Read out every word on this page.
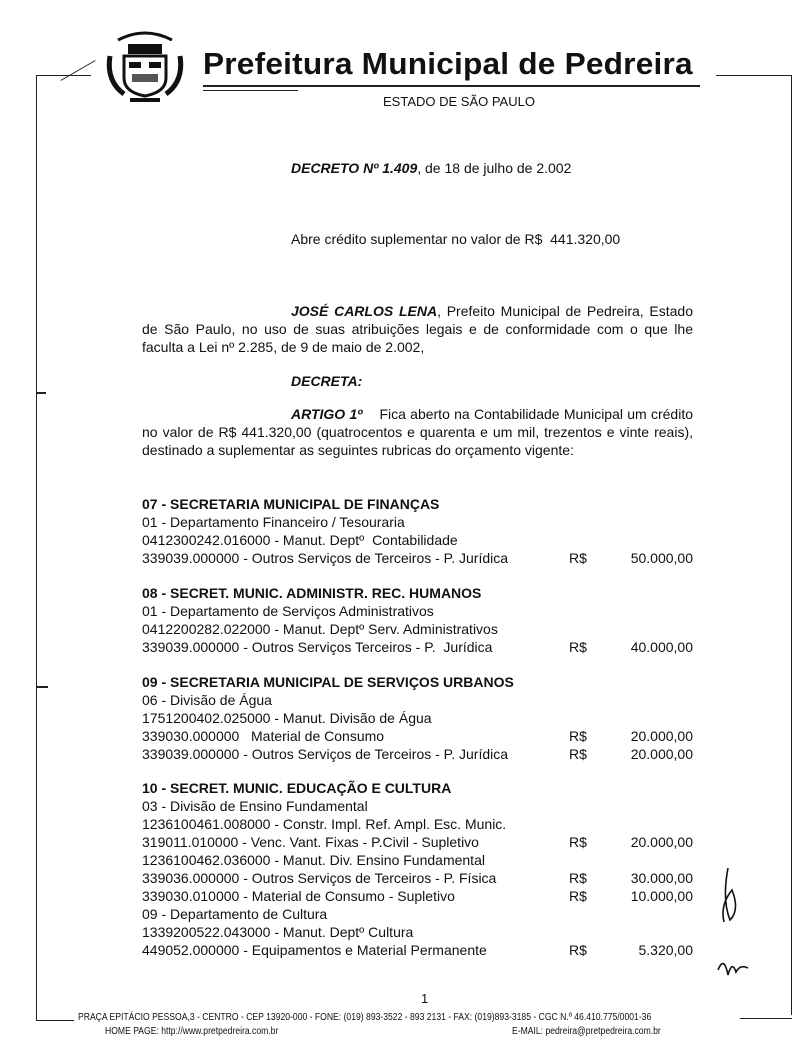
Prefeitura Municipal de Pedreira
ESTADO DE SÃO PAULO
DECRETO Nº 1.409, de 18 de julho de 2.002
Abre crédito suplementar no valor de R$  441.320,00
JOSÉ CARLOS LENA, Prefeito Municipal de Pedreira, Estado de São Paulo, no uso de suas atribuições legais e de conformidade com o que lhe faculta a Lei nº 2.285, de 9 de maio de 2.002,
DECRETA:
ARTIGO 1º Fica aberto na Contabilidade Municipal um crédito no valor de R$ 441.320,00 (quatrocentos e quarenta e um mil, trezentos e vinte reais), destinado a suplementar as seguintes rubricas do orçamento vigente:
07 - SECRETARIA MUNICIPAL DE FINANÇAS
01 - Departamento Financeiro / Tesouraria
0412300242.016000 - Manut. Deptº  Contabilidade
339039.000000 - Outros Serviços de Terceiros - P. Jurídica	R$	50.000,00
08 - SECRET. MUNIC. ADMINISTR. REC. HUMANOS
01 - Departamento de Serviços Administrativos
0412200282.022000 - Manut. Deptº Serv. Administrativos
339039.000000 - Outros Serviços Terceiros - P.  Jurídica	R$	40.000,00
09 - SECRETARIA MUNICIPAL DE SERVIÇOS URBANOS
06 - Divisão de Água
1751200402.025000 - Manut. Divisão de Água
339030.000000   Material de Consumo	R$	20.000,00
339039.000000 - Outros Serviços de Terceiros - P. Jurídica	R$	20.000,00
10 - SECRET. MUNIC. EDUCAÇÃO E CULTURA
03 - Divisão de Ensino Fundamental
1236100461.008000 - Constr. Impl. Ref. Ampl. Esc. Munic.
319011.010000 - Venc. Vant. Fixas - P.Civil - Supletivo	R$	20.000,00
1236100462.036000 - Manut. Div. Ensino Fundamental
339036.000000 - Outros Serviços de Terceiros - P. Física	R$	30.000,00
339030.010000 - Material de Consumo - Supletivo	R$	10.000,00
09 - Departamento de Cultura
1339200522.043000 - Manut. Deptº Cultura
449052.000000 - Equipamentos e Material Permanente	R$	5.320,00
1
PRAÇA EPITÁCIO PESSOA,3 - CENTRO - CEP 13920-000 - FONE: (019) 893-3522 - 893 2131 - FAX: (019)893-3185 - CGC N.º 46.410.775/0001-36
HOME PAGE: http://www.pretpedreira.com.br	E-MAIL: pedreira@pretpedreira.com.br
